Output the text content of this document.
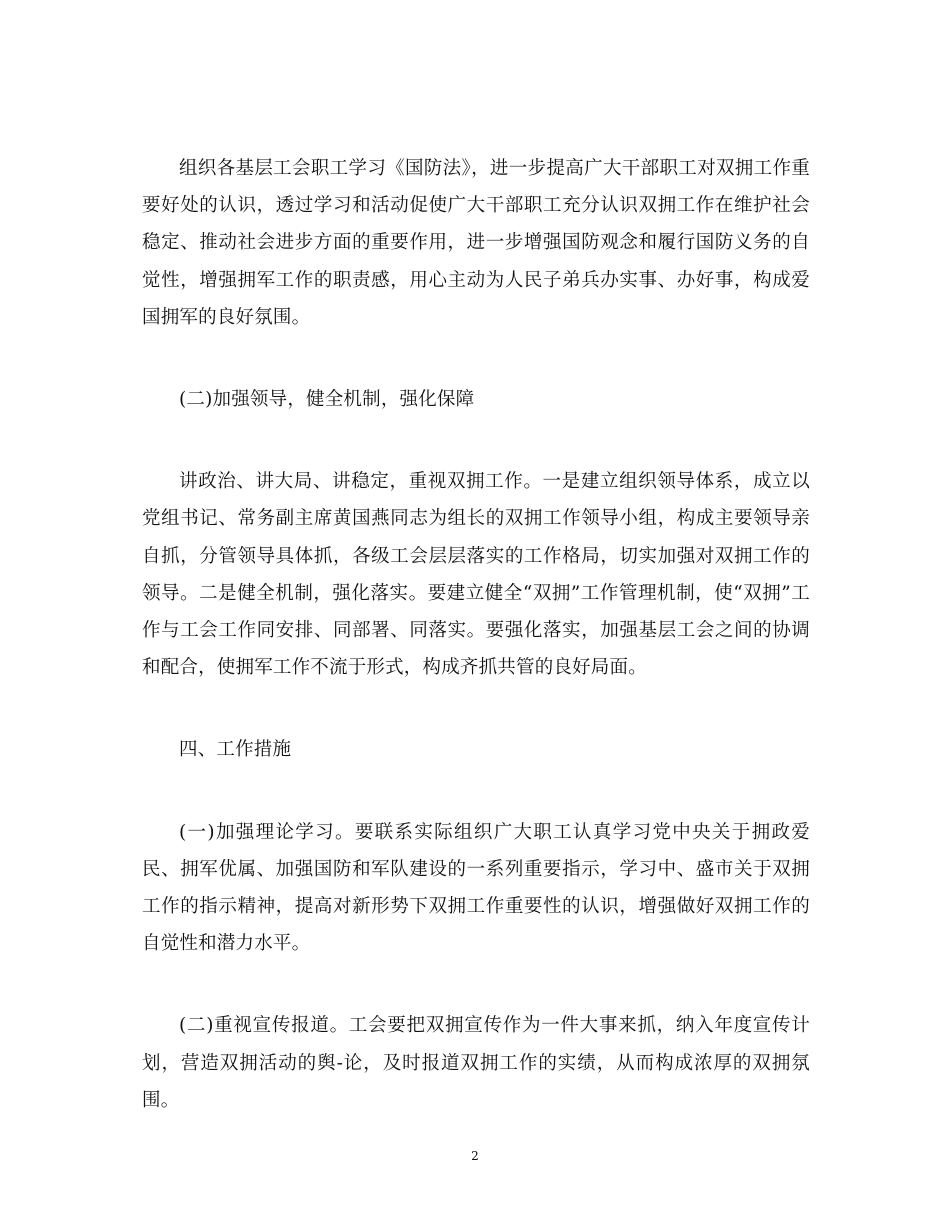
组织各基层工会职工学习《国防法》，进一步提高广大干部职工对双拥工作重要好处的认识，透过学习和活动促使广大干部职工充分认识双拥工作在维护社会稳定、推动社会进步方面的重要作用，进一步增强国防观念和履行国防义务的自觉性，增强拥军工作的职责感，用心主动为人民子弟兵办实事、办好事，构成爱国拥军的良好氛围。

(二)加强领导，健全机制，强化保障

讲政治、讲大局、讲稳定，重视双拥工作。一是建立组织领导体系，成立以党组书记、常务副主席黄国燕同志为组长的双拥工作领导小组，构成主要领导亲自抓，分管领导具体抓，各级工会层层落实的工作格局，切实加强对双拥工作的领导。二是健全机制，强化落实。要建立健全“双拥”工作管理机制，使“双拥”工作与工会工作同安排、同部署、同落实。要强化落实，加强基层工会之间的协调和配合，使拥军工作不流于形式，构成齐抓共管的良好局面。

四、工作措施

(一)加强理论学习。要联系实际组织广大职工认真学习党中央关于拥政爱民、拥军优属、加强国防和军队建设的一系列重要指示，学习中、盛市关于双拥工作的指示精神，提高对新形势下双拥工作重要性的认识，增强做好双拥工作的自觉性和潜力水平。

(二)重视宣传报道。工会要把双拥宣传作为一件大事来抓，纳入年度宣传计划，营造双拥活动的舆-论，及时报道双拥工作的实绩，从而构成浓厚的双拥氛围。

2
